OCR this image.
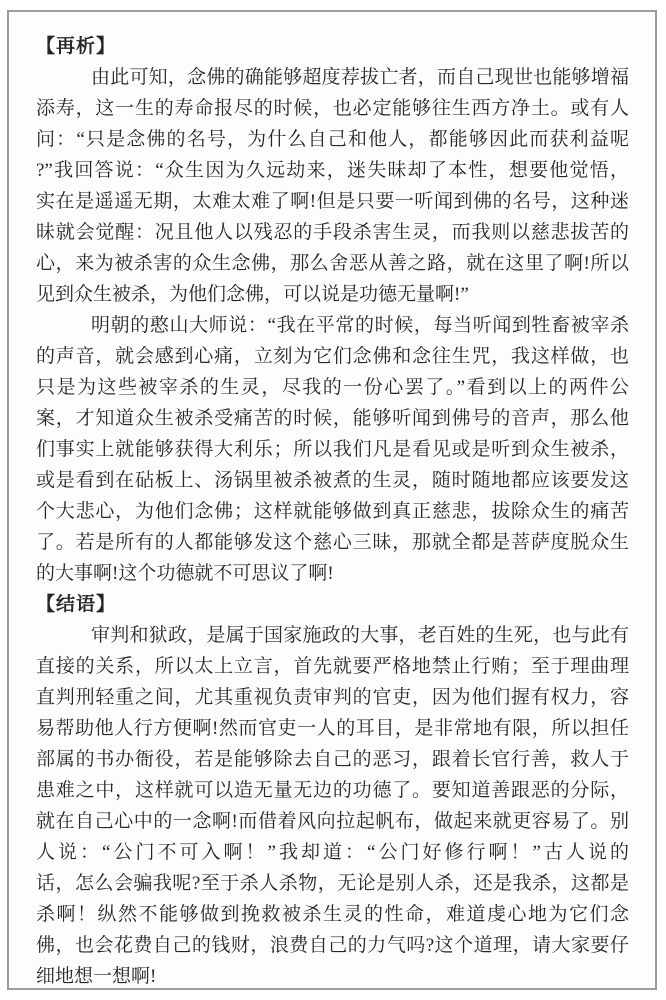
【再析】
由此可知，念佛的确能够超度荐拔亡者，而自己现世也能够增福
添寿，这一生的寿命报尽的时候，也必定能够往生西方净土。或有人
问：“只是念佛的名号，为什么自己和他人，都能够因此而获利益呢
?”我回答说：“众生因为久远劫来，迷失昧却了本性，想要他觉悟，
实在是遥遥无期，太难太难了啊!但是只要一听闻到佛的名号，这种迷
昧就会觉醒：况且他人以残忍的手段杀害生灵，而我则以慈悲拔苦的
心，来为被杀害的众生念佛，那么舍恶从善之路，就在这里了啊!所以
见到众生被杀，为他们念佛，可以说是功德无量啊!”
明朝的憨山大师说：“我在平常的时候，每当听闻到牲畜被宰杀
的声音，就会感到心痛，立刻为它们念佛和念往生咒，我这样做，也
只是为这些被宰杀的生灵，尽我的一份心罢了。”看到以上的两件公
案，才知道众生被杀受痛苦的时候，能够听闻到佛号的音声，那么他
们事实上就能够获得大利乐；所以我们凡是看见或是听到众生被杀，
或是看到在砧板上、汤锅里被杀被煮的生灵，随时随地都应该要发这
个大悲心，为他们念佛；这样就能够做到真正慈悲，拔除众生的痛苦
了。若是所有的人都能够发这个慈心三昧，那就全都是菩萨度脱众生
的大事啊!这个功德就不可思议了啊!
【结语】
审判和狱政，是属于国家施政的大事，老百姓的生死，也与此有
直接的关系，所以太上立言，首先就要严格地禁止行贿；至于理曲理
直判刑轻重之间，尤其重视负责审判的官吏，因为他们握有权力，容
易帮助他人行方便啊!然而官吏一人的耳目，是非常地有限，所以担任
部属的书办衙役，若是能够除去自己的恶习，跟着长官行善，救人于
患难之中，这样就可以造无量无边的功德了。要知道善跟恶的分际，
就在自己心中的一念啊!而借着风向拉起帆布，做起来就更容易了。别
人说：“公门不可入啊！”我却道：“公门好修行啊！”古人说的
话，怎么会骗我呢?至于杀人杀物，无论是别人杀，还是我杀，这都是
杀啊！纵然不能够做到挽救被杀生灵的性命，难道虔心地为它们念
佛，也会花费自己的钱财，浪费自己的力气吗?这个道理，请大家要仔
细地想一想啊!
